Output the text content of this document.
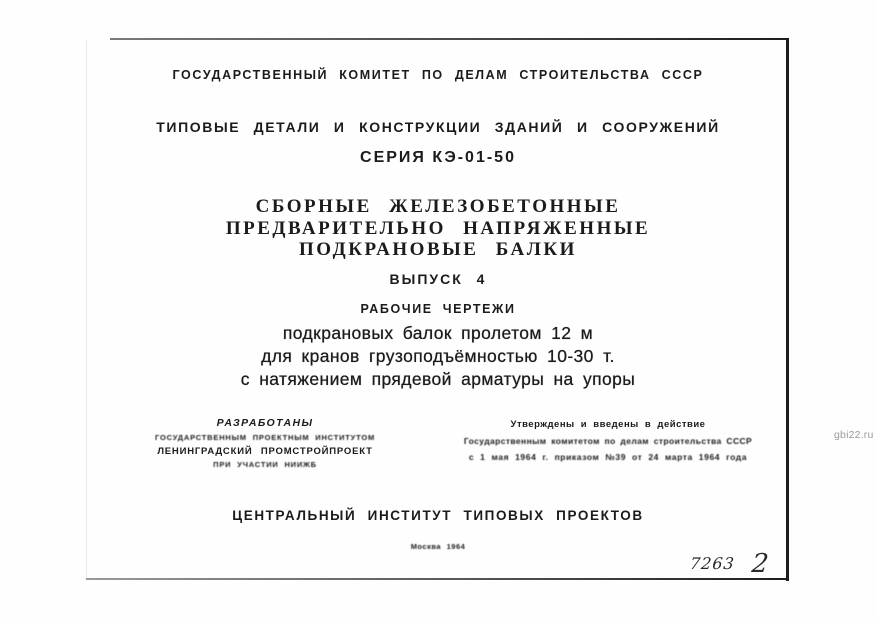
ГОСУДАРСТВЕННЫЙ КОМИТЕТ ПО ДЕЛАМ СТРОИТЕЛЬСТВА СССР
ТИПОВЫЕ ДЕТАЛИ И КОНСТРУКЦИИ ЗДАНИЙ И СООРУЖЕНИЙ
СЕРИЯ КЭ-01-50
СБОРНЫЕ ЖЕЛЕЗОБЕТОННЫЕ
ПРЕДВАРИТЕЛЬНО НАПРЯЖЕННЫЕ
ПОДКРАНОВЫЕ БАЛКИ
ВЫПУСК 4
РАБОЧИЕ ЧЕРТЕЖИ
подкрановых балок пролетом 12 м
для кранов грузоподъёмностью 10-30 т.
с натяжением прядевой арматуры на упоры
РАЗРАБОТАНЫ
ГОСУДАРСТВЕННЫМ ПРОЕКТНЫМ ИНСТИТУТОМ
ЛЕНИНГРАДСКИЙ ПРОМСТРОЙПРОЕКТ
ПРИ УЧАСТИИ НИИЖБ
Утверждены и введены в действие
Государственным комитетом по делам строительства СССР
с 1 мая 1964 г. приказом №39 от 24 марта 1964 года
ЦЕНТРАЛЬНЫЙ ИНСТИТУТ ТИПОВЫХ ПРОЕКТОВ
Москва 1964
7263 2
gbi22.ru
